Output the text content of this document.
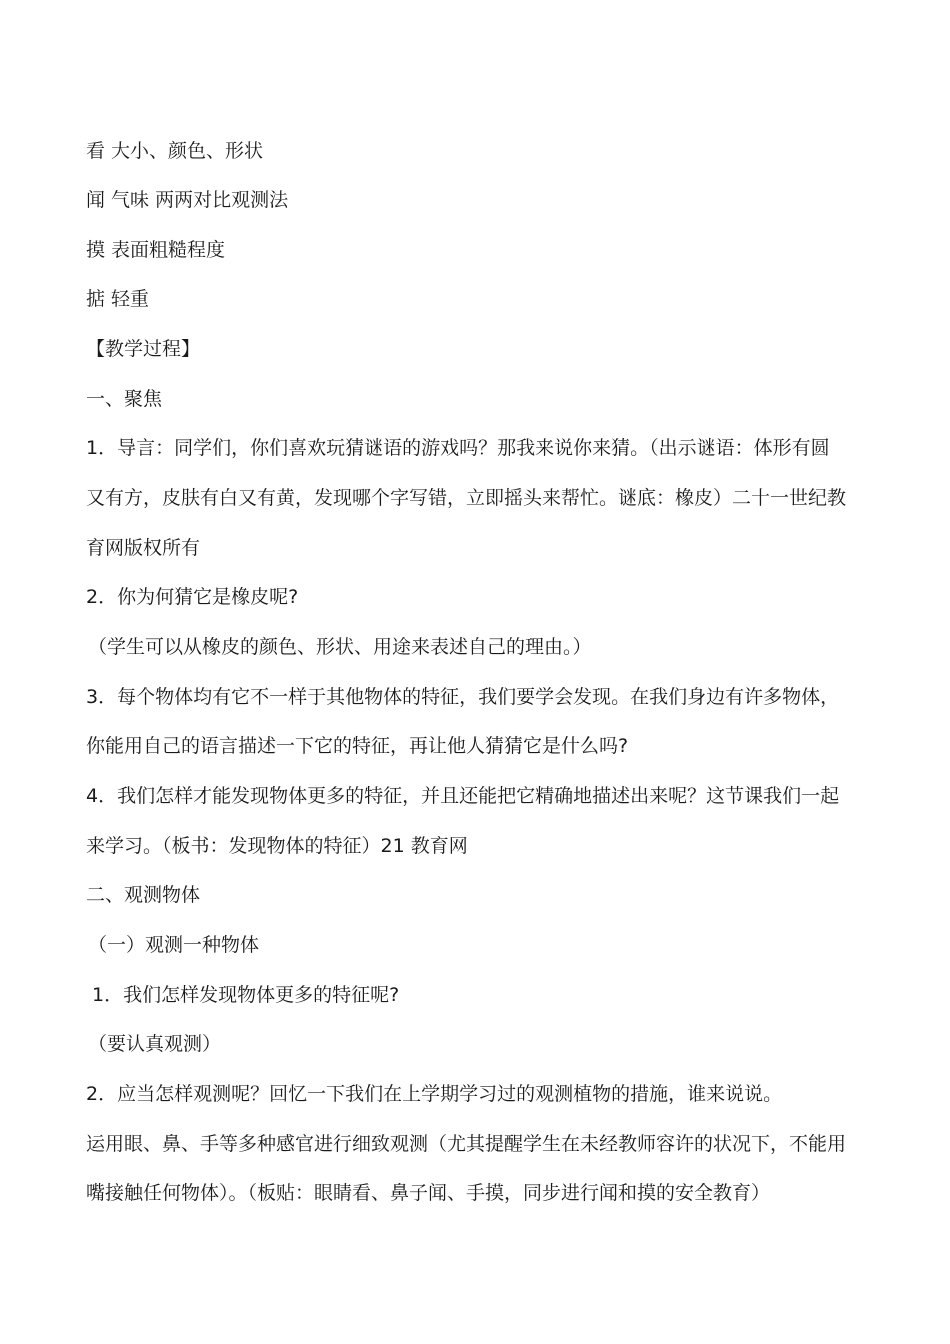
看 大小、颜色、形状
闻 气味 两两对比观测法
摸 表面粗糙程度
掂 轻重
【教学过程】
一、聚焦
1．导言：同学们，你们喜欢玩猜谜语的游戏吗？那我来说你来猜。（出示谜语：体形有圆
又有方，皮肤有白又有黄，发现哪个字写错，立即摇头来帮忙。谜底：橡皮）二十一世纪教
育网版权所有
2．你为何猜它是橡皮呢?
（学生可以从橡皮的颜色、形状、用途来表述自己的理由。）
3．每个物体均有它不一样于其他物体的特征，我们要学会发现。在我们身边有许多物体，
你能用自己的语言描述一下它的特征，再让他人猜猜它是什么吗?
4．我们怎样才能发现物体更多的特征，并且还能把它精确地描述出来呢？这节课我们一起
来学习。（板书：发现物体的特征）21 教育网
二、观测物体
（一）观测一种物体
1．我们怎样发现物体更多的特征呢?
（要认真观测）
2．应当怎样观测呢？回忆一下我们在上学期学习过的观测植物的措施，谁来说说。
运用眼、鼻、手等多种感官进行细致观测（尤其提醒学生在未经教师容许的状况下，不能用
嘴接触任何物体）。（板贴：眼睛看、鼻子闻、手摸，同步进行闻和摸的安全教育）
